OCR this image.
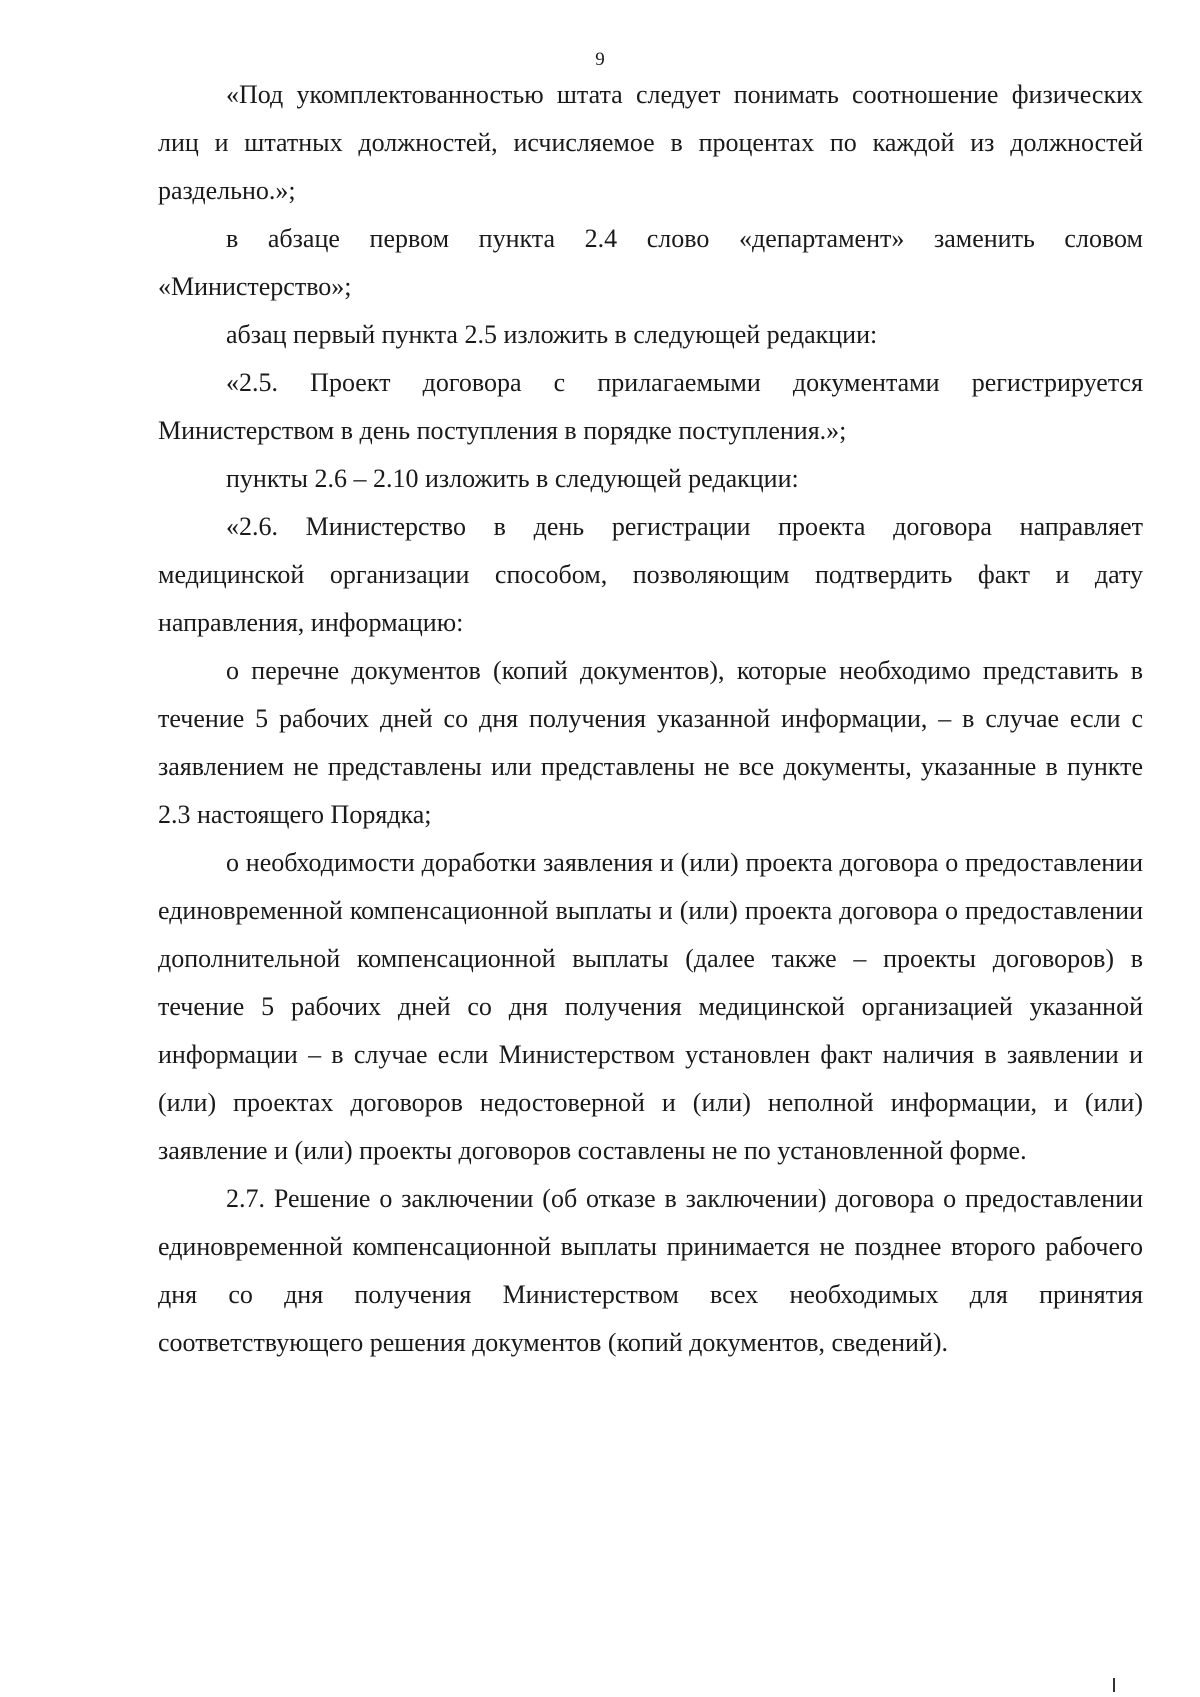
9

«Под укомплектованностью штата следует понимать соотношение физических лиц и штатных должностей, исчисляемое в процентах по каждой из должностей раздельно.»;

в абзаце первом пункта 2.4 слово «департамент» заменить словом «Министерство»;

абзац первый пункта 2.5 изложить в следующей редакции:

«2.5. Проект договора с прилагаемыми документами регистрируется Министерством в день поступления в порядке поступления.»;

пункты 2.6 – 2.10 изложить в следующей редакции:

«2.6. Министерство в день регистрации проекта договора направляет медицинской организации способом, позволяющим подтвердить факт и дату направления, информацию:

о перечне документов (копий документов), которые необходимо представить в течение 5 рабочих дней со дня получения указанной информации, – в случае если с заявлением не представлены или представлены не все документы, указанные в пункте 2.3 настоящего Порядка;

о необходимости доработки заявления и (или) проекта договора о предоставлении единовременной компенсационной выплаты и (или) проекта договора о предоставлении дополнительной компенсационной выплаты (далее также – проекты договоров) в течение 5 рабочих дней со дня получения медицинской организацией указанной информации – в случае если Министерством установлен факт наличия в заявлении и (или) проектах договоров недостоверной и (или) неполной информации, и (или) заявление и (или) проекты договоров составлены не по установленной форме.

2.7. Решение о заключении (об отказе в заключении) договора о предоставлении единовременной компенсационной выплаты принимается не позднее второго рабочего дня со дня получения Министерством всех необходимых для принятия соответствующего решения документов (копий документов, сведений).
